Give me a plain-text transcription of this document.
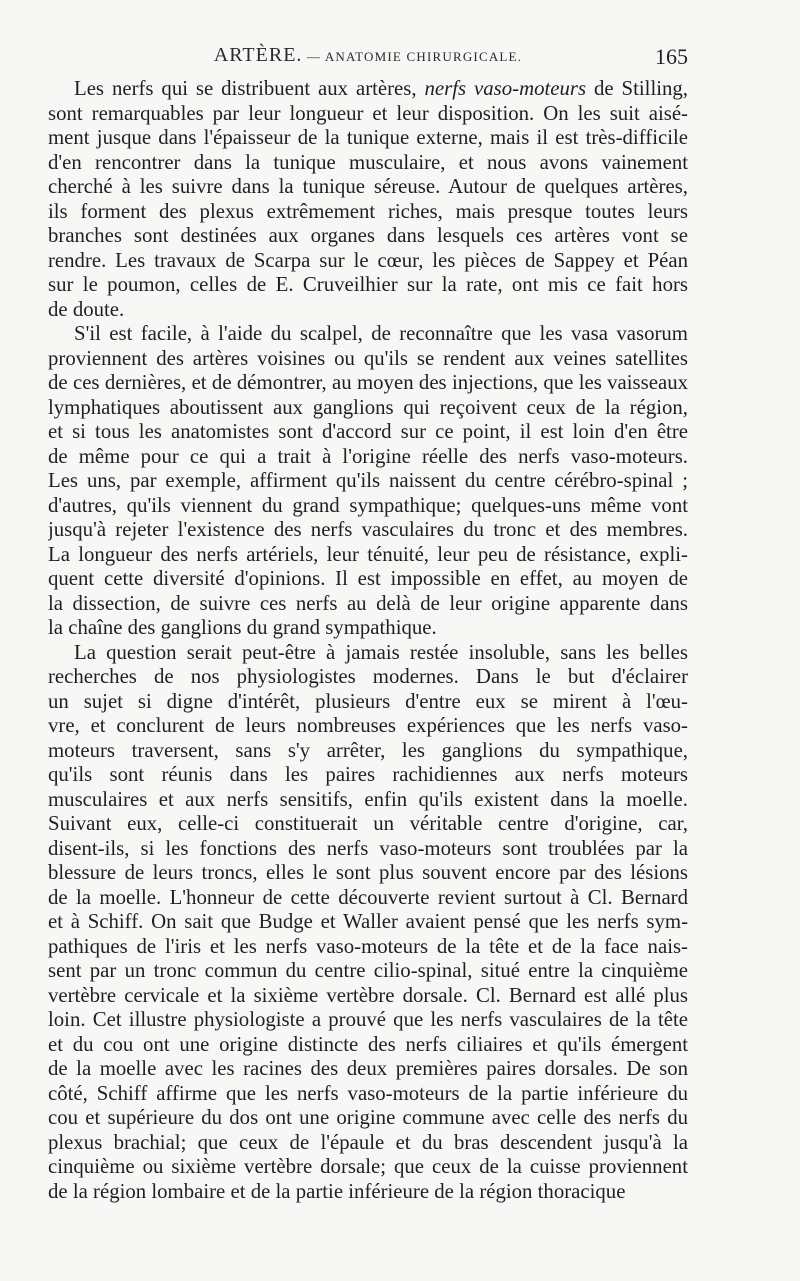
ARTÈRE. — ANATOMIE CHIRURGICALE.	165
Les nerfs qui se distribuent aux artères, nerfs vaso-moteurs de Stilling,
sont remarquables par leur longueur et leur disposition. On les suit aisé-
ment jusque dans l'épaisseur de la tunique externe, mais il est très-difficile
d'en rencontrer dans la tunique musculaire, et nous avons vainement
cherché à les suivre dans la tunique séreuse. Autour de quelques artères,
ils forment des plexus extrêmement riches, mais presque toutes leurs
branches sont destinées aux organes dans lesquels ces artères vont se
rendre. Les travaux de Scarpa sur le cœur, les pièces de Sappey et Péan
sur le poumon, celles de E. Cruveilhier sur la rate, ont mis ce fait hors
de doute.
S'il est facile, à l'aide du scalpel, de reconnaître que les vasa vasorum
proviennent des artères voisines ou qu'ils se rendent aux veines satellites
de ces dernières, et de démontrer, au moyen des injections, que les vaisseaux
lymphatiques aboutissent aux ganglions qui reçoivent ceux de la région,
et si tous les anatomistes sont d'accord sur ce point, il est loin d'en être
de même pour ce qui a trait à l'origine réelle des nerfs vaso-moteurs.
Les uns, par exemple, affirment qu'ils naissent du centre cérébro-spinal ;
d'autres, qu'ils viennent du grand sympathique; quelques-uns même vont
jusqu'à rejeter l'existence des nerfs vasculaires du tronc et des membres.
La longueur des nerfs artériels, leur ténuité, leur peu de résistance, expli-
quent cette diversité d'opinions. Il est impossible en effet, au moyen de
la dissection, de suivre ces nerfs au delà de leur origine apparente dans
la chaîne des ganglions du grand sympathique.
La question serait peut-être à jamais restée insoluble, sans les belles
recherches de nos physiologistes modernes. Dans le but d'éclairer
un sujet si digne d'intérêt, plusieurs d'entre eux se mirent à l'œu-
vre, et conclurent de leurs nombreuses expériences que les nerfs vaso-
moteurs traversent, sans s'y arrêter, les ganglions du sympathique,
qu'ils sont réunis dans les paires rachidiennes aux nerfs moteurs
musculaires et aux nerfs sensitifs, enfin qu'ils existent dans la moelle.
Suivant eux, celle-ci constituerait un véritable centre d'origine, car,
disent-ils, si les fonctions des nerfs vaso-moteurs sont troublées par la
blessure de leurs troncs, elles le sont plus souvent encore par des lésions
de la moelle. L'honneur de cette découverte revient surtout à Cl. Bernard
et à Schiff. On sait que Budge et Waller avaient pensé que les nerfs sym-
pathiques de l'iris et les nerfs vaso-moteurs de la tête et de la face nais-
sent par un tronc commun du centre cilio-spinal, situé entre la cinquième
vertèbre cervicale et la sixième vertèbre dorsale. Cl. Bernard est allé plus
loin. Cet illustre physiologiste a prouvé que les nerfs vasculaires de la tête
et du cou ont une origine distincte des nerfs ciliaires et qu'ils émergent
de la moelle avec les racines des deux premières paires dorsales. De son
côté, Schiff affirme que les nerfs vaso-moteurs de la partie inférieure du
cou et supérieure du dos ont une origine commune avec celle des nerfs du
plexus brachial; que ceux de l'épaule et du bras descendent jusqu'à la
cinquième ou sixième vertèbre dorsale; que ceux de la cuisse proviennent
de la région lombaire et de la partie inférieure de la région thoracique
